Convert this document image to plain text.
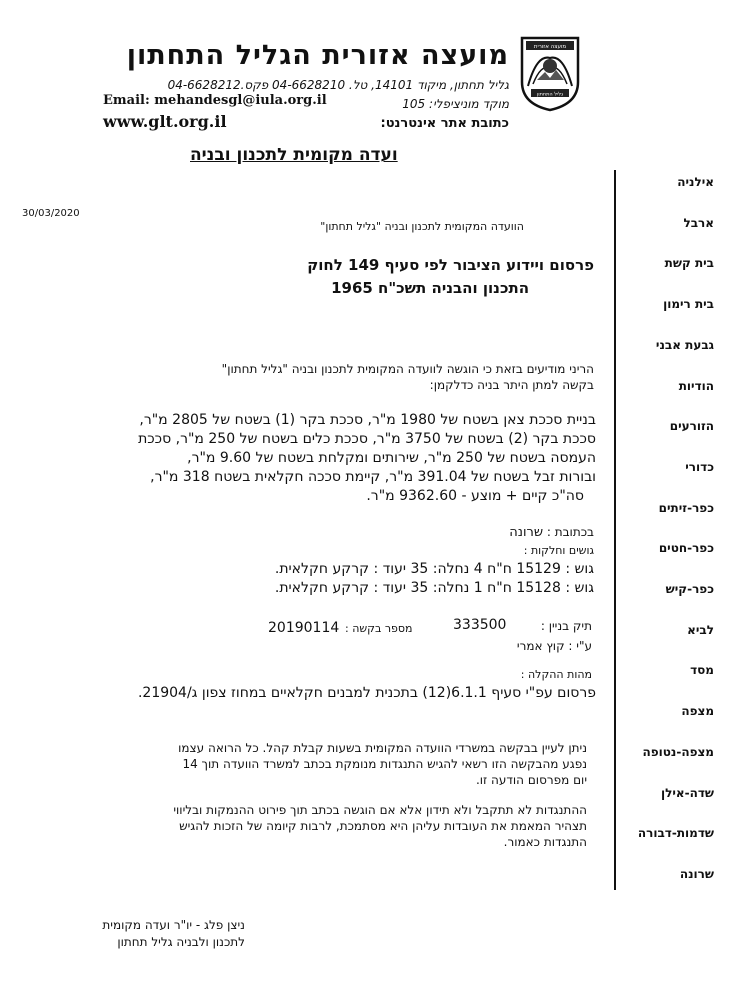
מועצה אזורית הגליל התחתון
גליל תחתון, מיקוד 14101, טל. 04-6628210 פקס.04-6628212
מוקד מוניציפלי: 105
Email: mehandesgl@iula.org.il
כתובת אתר אינטרנט:
www.glt.org.il
מועצה אזורית
גליל התחתון
ועדה מקומית לתכנון ובניה
אילניה
ארבל
בית קשת
בית רימון
גבעת אבני
הודיות
הזורעים
כדורי
כפר-זיתים
כפר-חטים
כפר-קיש
לביא
מסד
מצפה
מצפה-נטופה
שדה-אילן
שדמות-דבורה
שרונה
30/03/2020
הוועדה המקומית לתכנון ובניה "גליל תחתון"
פרסום ויידוע הציבור לפי סעיף 149 לחוק
התכנון והבניה תשכ"ח 1965
הריני מודיעים בזאת כי הוגשה לוועדה המקומית לתכנון ובניה "גליל תחתון"
בקשה למתן היתר בניה כדלקמן:
בניית סככת צאן בשטח של 1980 מ"ר, סככת בקר (1) בשטח של 2805 מ"ר,
סככת בקר (2) בשטח של 3750 מ"ר, סככת כלים בשטח של 250 מ"ר, סככת
העמסה בשטח של 250 מ"ר, שירותים ומקלחת בשטח של 9.60 מ"ר,
ובורות זבל בשטח של 391.04 מ"ר, קיימת סככה חקלאית בשטח 318 מ"ר,
סה"כ קיים + מוצע - 9362.60 מ"ר.
בכתובת : שרונה
גושים וחלקות :
גוש : 15129 ח"ח 4 נחלה: 35 יעוד : קרקע חקלאית.
גוש : 15128 ח"ח 1 נחלה: 35 יעוד : קרקע חקלאית.
תיק בניין :
333500
מספר בקשה :
20190114
ע"י : קוץ אמרי
מהות ההקלה :
פרסום עפ"י סעיף 6.1.1(12) בתכנית למבנים חקלאיים במחוז צפון ג/21904.
ניתן לעיין בבקשה במשרדי הוועדה המקומית בשעות קבלת קהל. כל הרואה עצמו
נפגע מהבקשה הזו רשאי להגיש התנגדות מנומקת בכתב למשרד הוועדה תוך 14
יום מפרסום הודעה זו.
ההתנגדות לא תתקבל ולא תידון אלא אם הוגשה בכתב תוך פירוט ההנמקות ובליווי
תצהיר המאמת את העובדות עליהן היא מסתמכת, לרבות קיומה של הזכות להגיש
התנגדות כאמור.
ניצן פלג - יו"ר ועדה מקומית
לתכנון ולבניה גליל תחתון
